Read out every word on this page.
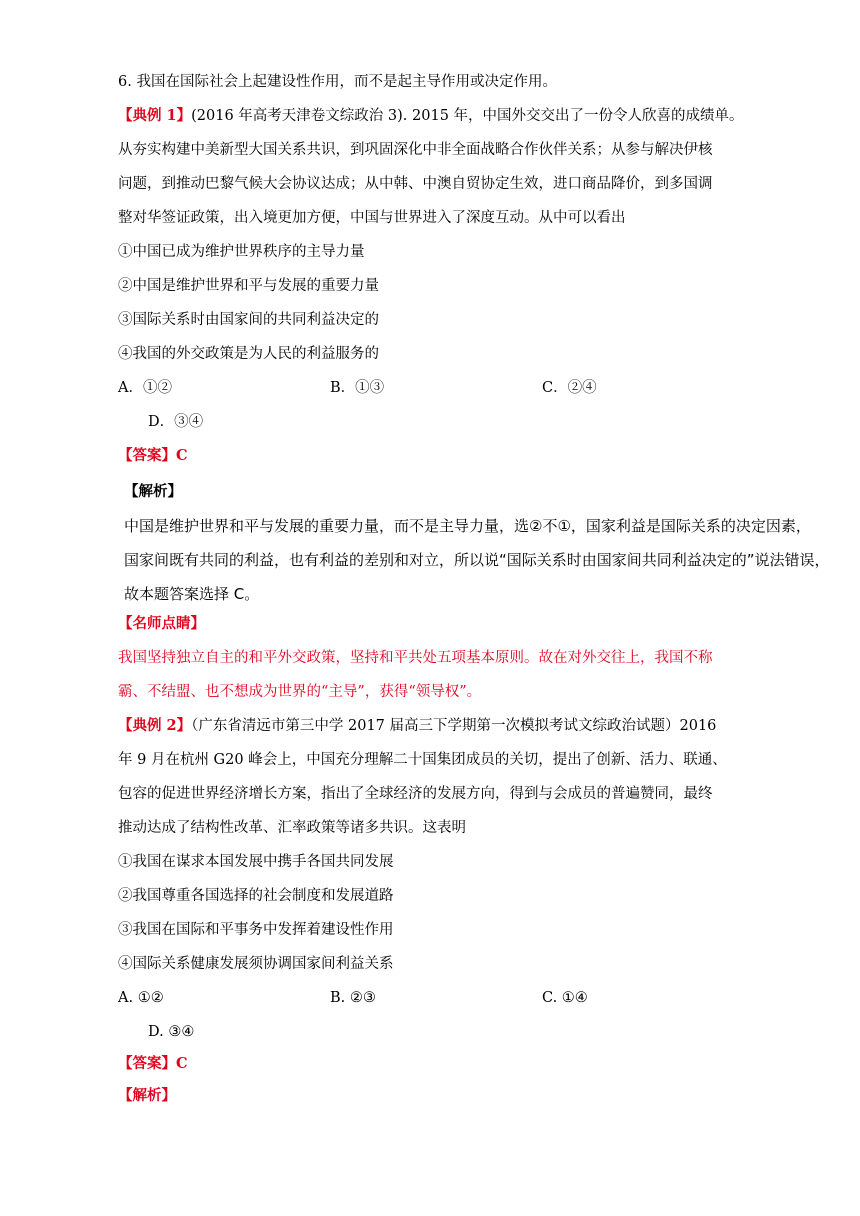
6. 我国在国际社会上起建设性作用，而不是起主导作用或决定作用。
【典例 1】(2016 年高考天津卷文综政治 3). 2015 年，中国外交交出了一份令人欣喜的成绩单。
从夯实构建中美新型大国关系共识，到巩固深化中非全面战略合作伙伴关系；从参与解决伊核
问题，到推动巴黎气候大会协议达成；从中韩、中澳自贸协定生效，进口商品降价，到多国调
整对华签证政策，出入境更加方便，中国与世界进入了深度互动。从中可以看出
①中国已成为维护世界秩序的主导力量
②中国是维护世界和平与发展的重要力量
③国际关系时由国家间的共同利益决定的
④我国的外交政策是为人民的利益服务的
A．①②	B．①③	C．②④
D．③④
【答案】C
【解析】
中国是维护世界和平与发展的重要力量，而不是主导力量，选②不①，国家利益是国际关系的决定因素，
国家间既有共同的利益，也有利益的差别和对立，所以说“国际关系时由国家间共同利益决定的”说法错误，
故本题答案选择 C。
【名师点睛】
我国坚持独立自主的和平外交政策，坚持和平共处五项基本原则。故在对外交往上，我国不称
霸、不结盟、也不想成为世界的“主导”，获得“领导权”。
【典例 2】（广东省清远市第三中学 2017 届高三下学期第一次模拟考试文综政治试题）2016
年 9 月在杭州 G20 峰会上，中国充分理解二十国集团成员的关切，提出了创新、活力、联通、
包容的促进世界经济增长方案，指出了全球经济的发展方向，得到与会成员的普遍赞同，最终
推动达成了结构性改革、汇率政策等诸多共识。这表明
①我国在谋求本国发展中携手各国共同发展
②我国尊重各国选择的社会制度和发展道路
③我国在国际和平事务中发挥着建设性作用
④国际关系健康发展须协调国家间利益关系
A. ①②	B. ②③	C. ①④
D. ③④
【答案】C
【解析】
